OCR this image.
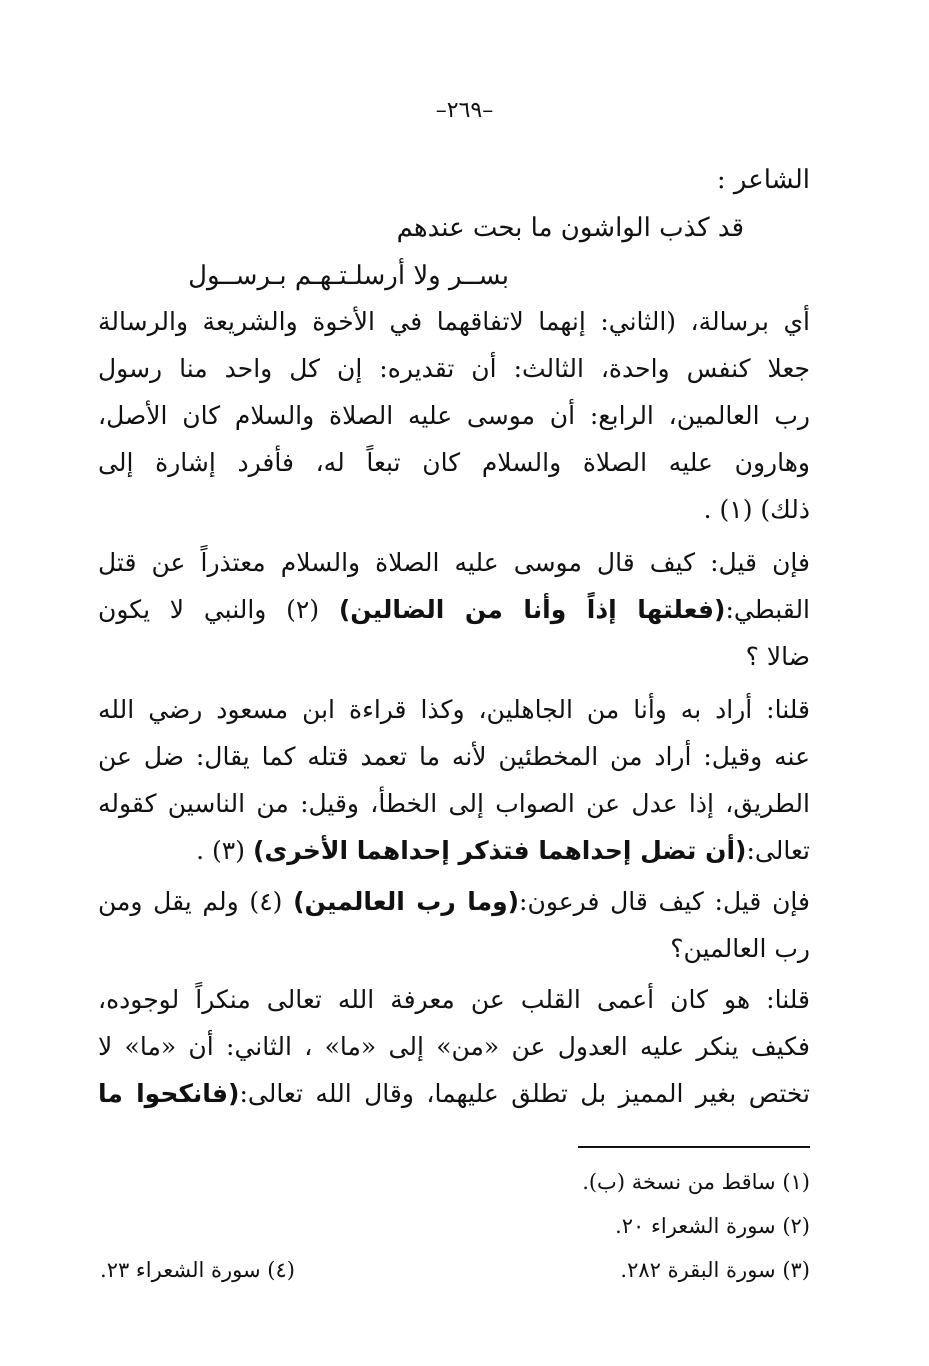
–٢٦٩–
الشاعر :
قد كذب الواشون ما بحت عندهم
بســر ولا أرسلـتـهـم بـرســول
أي برسالة، (الثاني: إنهما لاتفاقهما في الأخوة والشريعة والرسالة
جعلا كنفس واحدة، الثالث: أن تقديره: إن كل واحد منا رسول
رب العالمين، الرابع: أن موسى عليه الصلاة والسلام كان الأصل،
وهارون عليه الصلاة والسلام كان تبعاً له، فأفرد إشارة إلى
ذلك) (١) .
فإن قيل: كيف قال موسى عليه الصلاة والسلام معتذراً عن قتل
القبطي:(فعلتها إذاً وأنا من الضالين) (٢) والنبي لا يكون
ضالا ؟
قلنا: أراد به وأنا من الجاهلين، وكذا قراءة ابن مسعود رضي الله
عنه وقيل: أراد من المخطئين لأنه ما تعمد قتله كما يقال: ضل عن
الطريق، إذا عدل عن الصواب إلى الخطأ، وقيل: من الناسين كقوله
تعالى:(أن تضل إحداهما فتذكر إحداهما الأخرى) (٣) .
فإن قيل: كيف قال فرعون:(وما رب العالمين) (٤) ولم يقل ومن
رب العالمين؟
قلنا: هو كان أعمى القلب عن معرفة الله تعالى منكراً لوجوده،
فكيف ينكر عليه العدول عن «من» إلى «ما» ، الثاني: أن «ما» لا
تختص بغير المميز بل تطلق عليهما، وقال الله تعالى:(فانكحوا ما
(١) ساقط من نسخة (ب).
(٢) سورة الشعراء ٢٠.
(٣) سورة البقرة ٢٨٢.
(٤) سورة الشعراء ٢٣.
